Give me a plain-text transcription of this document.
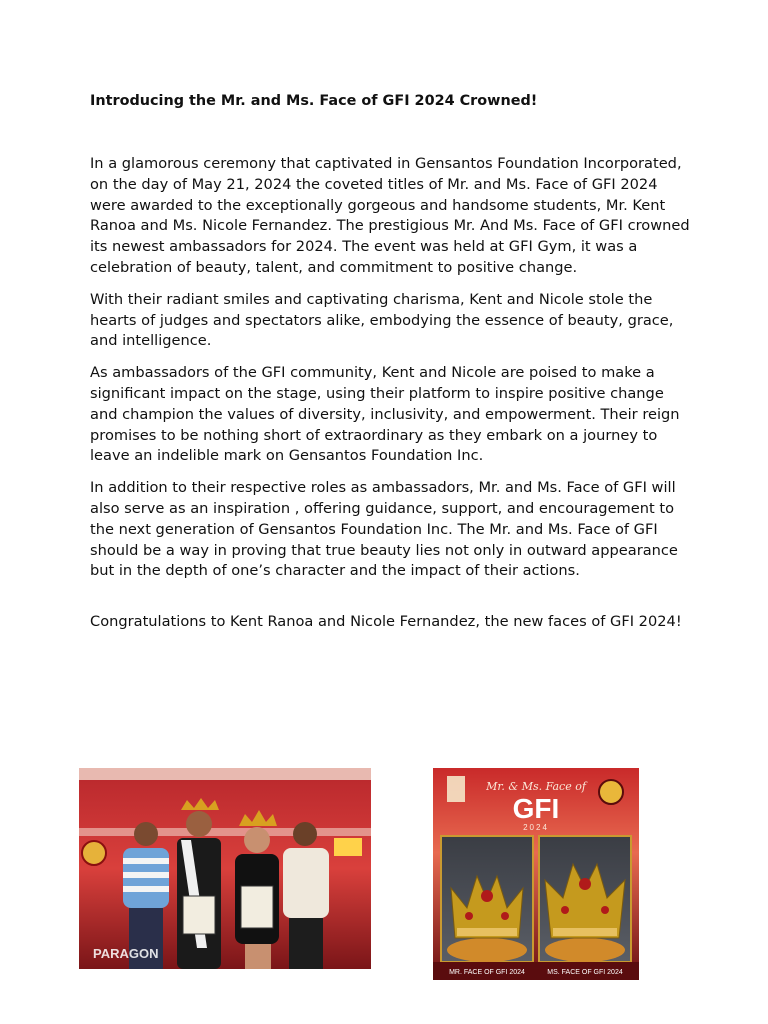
Introducing the Mr. and Ms. Face of GFI 2024 Crowned!

In a glamorous ceremony that captivated in Gensantos Foundation Incorporated, on the day of May 21, 2024 the coveted titles of Mr. and Ms. Face of GFI 2024 were awarded to the exceptionally gorgeous and handsome students, Mr. Kent Ranoa and Ms. Nicole Fernandez. The prestigious Mr. And Ms. Face of GFI crowned its newest ambassadors for 2024. The event was held at GFI Gym, it was a celebration of beauty, talent, and commitment to positive change.

With their radiant smiles and captivating charisma, Kent and Nicole stole the hearts of judges and spectators alike, embodying the essence of beauty, grace, and intelligence.

As ambassadors of the GFI community, Kent and Nicole are poised to make a significant impact on the stage, using their platform to inspire positive change and champion the values of diversity, inclusivity, and empowerment. Their reign promises to be nothing short of extraordinary as they embark on a journey to leave an indelible mark on Gensantos Foundation Inc.

In addition to their respective roles as ambassadors, Mr. and Ms. Face of GFI will also serve as an inspiration , offering guidance, support, and encouragement to the next generation of Gensantos Foundation Inc. The Mr. and Ms. Face of GFI should be a way in proving that true beauty lies not only in outward appearance but in the depth of one’s character and the impact of their actions.

Congratulations to Kent Ranoa and Nicole Fernandez, the new faces of GFI 2024!

PARAGON
Mr. & Ms. Face of
GFI
2024
MR. FACE OF GFI 2024	MS. FACE OF GFI 2024
